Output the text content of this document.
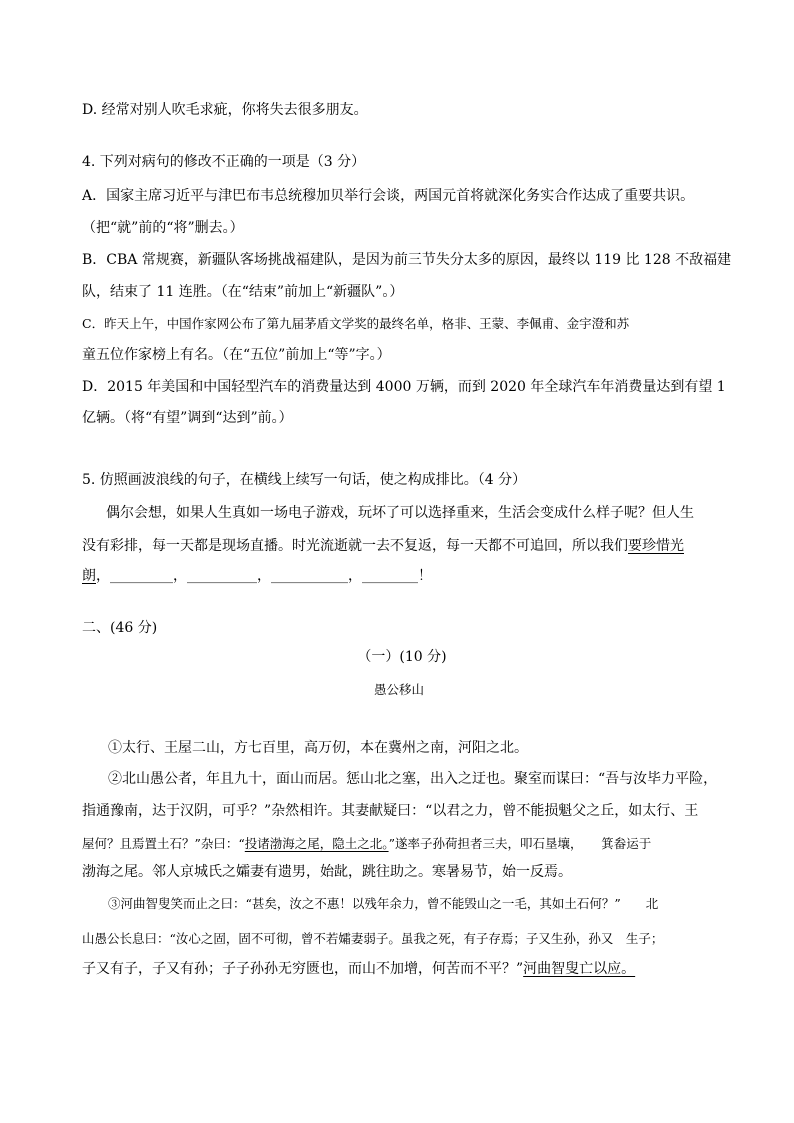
D. 经常对别人吹毛求疵，你将失去很多朋友。
4. 下列对病句的修改不正确的一项是（3 分）
A．国家主席习近平与津巴布韦总统穆加贝举行会谈，两国元首将就深化务实合作达成了重要共识。
（把“就”前的“将”删去。）
B．CBA 常规赛，新疆队客场挑战福建队，是因为前三节失分太多的原因，最终以 119 比 128 不敌福建
队，结束了 11 连胜。（在“结束”前加上“新疆队”。）
C．昨天上午，中国作家网公布了第九届茅盾文学奖的最终名单，格非、王蒙、李佩甫、金宇澄和苏
童五位作家榜上有名。（在“五位”前加上“等”字。）
D．2015 年美国和中国轻型汽车的消费量达到 4000 万辆，而到 2020 年全球汽车年消费量达到有望 1
亿辆。（将“有望”调到“达到”前。）
5. 仿照画波浪线的句子，在横线上续写一句话，使之构成排比。（4 分）
偶尔会想，如果人生真如一场电子游戏，玩坏了可以选择重来，生活会变成什么样子呢？但人生
没有彩排，每一天都是现场直播。时光流逝就一去不复返，每一天都不可追回，所以我们要珍惜光
朗，_________，__________，___________，________！
二、(46 分)
（一）(10 分)
愚公移山
①太行、王屋二山，方七百里，高万仞，本在冀州之南，河阳之北。
②北山愚公者，年且九十，面山而居。惩山北之塞，出入之迂也。聚室而谋曰：“吾与汝毕力平险，
指通豫南，达于汉阴，可乎？”杂然相许。其妻献疑曰：“以君之力，曾不能损魁父之丘，如太行、王
屋何？且焉置土石？”杂曰：“投诸渤海之尾，隐土之北。”遂率子孙荷担者三夫，叩石垦壤，　　箕畚运于
渤海之尾。邻人京城氏之孀妻有遗男，始龀，跳往助之。寒暑易节，始一反焉。
③河曲智叟笑而止之曰：“甚矣，汝之不惠！以残年余力，曾不能毁山之一毛，其如土石何？”　　北
山愚公长息曰：“汝心之固，固不可彻，曾不若孀妻弱子。虽我之死，有子存焉；子又生孙，孙又　生子；
子又有子，子又有孙；子子孙孙无穷匮也，而山不加增，何苦而不平？”河曲智叟亡以应。
